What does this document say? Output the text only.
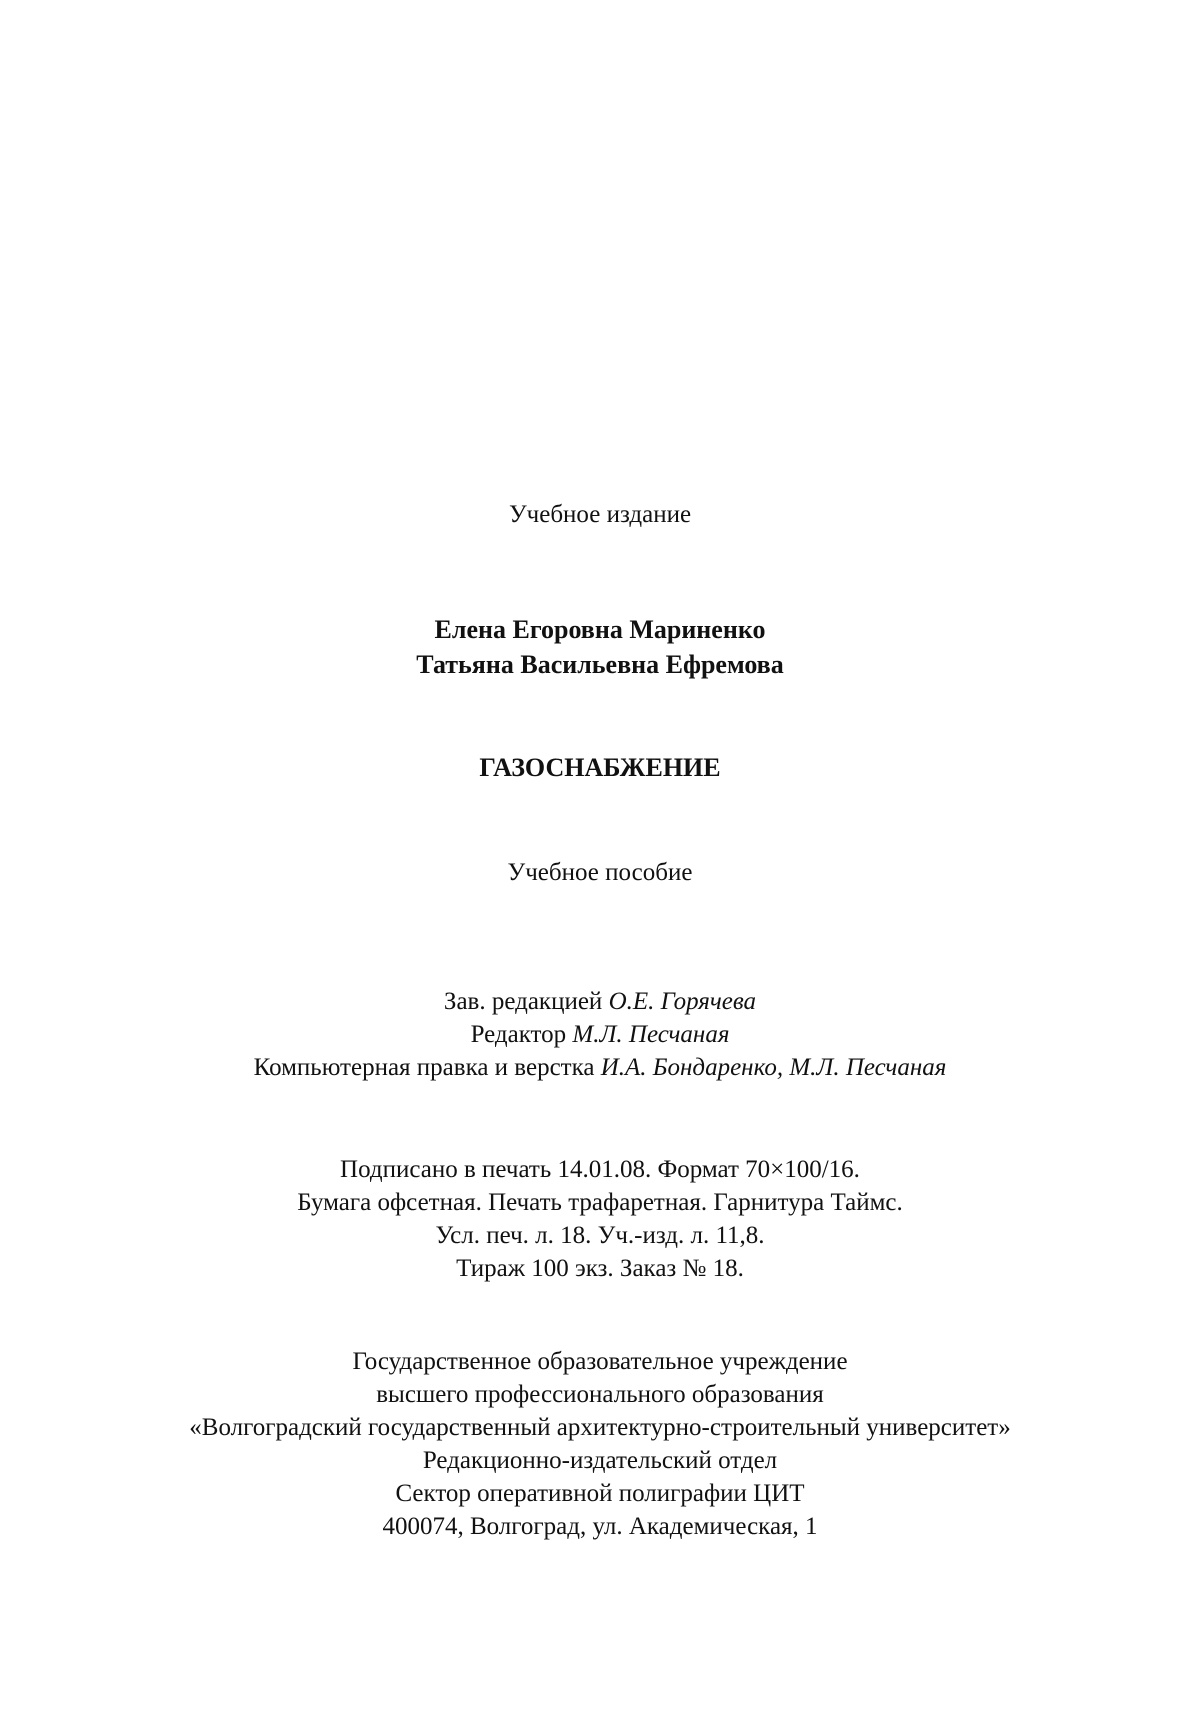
Учебное издание
Елена Егоровна Мариненко
Татьяна Васильевна Ефремова
ГАЗОСНАБЖЕНИЕ
Учебное пособие
Зав. редакцией О.Е. Горячева
Редактор М.Л. Песчаная
Компьютерная правка и верстка И.А. Бондаренко, М.Л. Песчаная
Подписано в печать 14.01.08. Формат 70×100/16.
Бумага офсетная. Печать трафаретная. Гарнитура Таймс.
Усл. печ. л. 18. Уч.-изд. л. 11,8.
Тираж 100 экз. Заказ № 18.
Государственное образовательное учреждение
высшего профессионального образования
«Волгоградский государственный архитектурно-строительный университет»
Редакционно-издательский отдел
Сектор оперативной полиграфии ЦИТ
400074, Волгоград, ул. Академическая, 1
